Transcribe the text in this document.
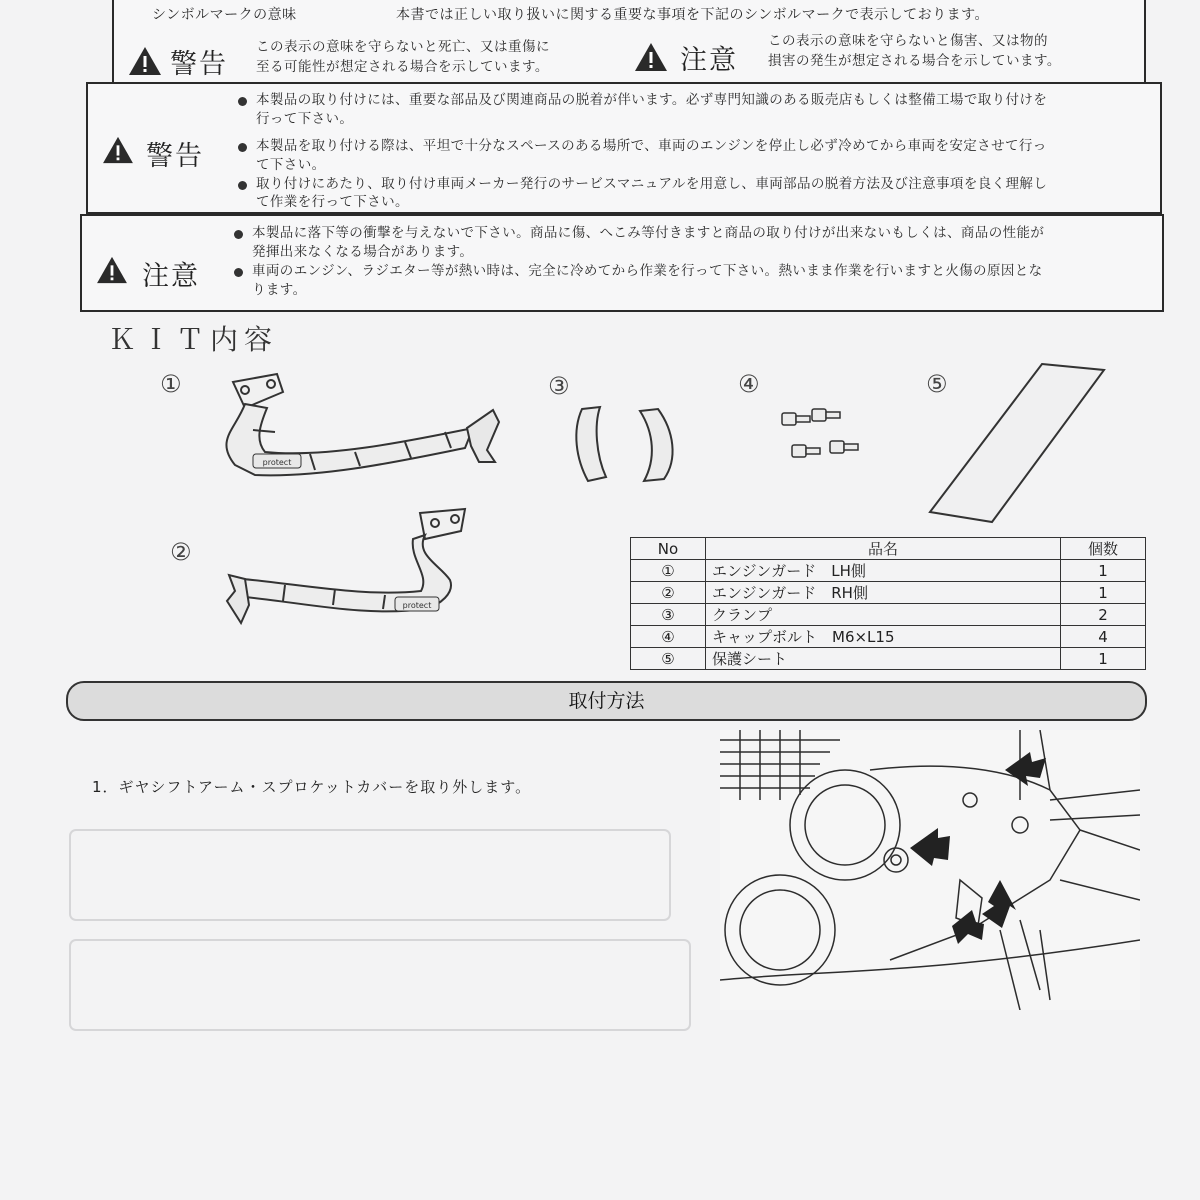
シンボルマークの意味	本書では正しい取り扱いに関する重要な事項を下記のシンボルマークで表示しております。
警告
この表示の意味を守らないと死亡、又は重傷に
至る可能性が想定される場合を示しています。	注意
この表示の意味を守らないと傷害、又は物的
損害の発生が想定される場合を示しています。
警告
本製品の取り付けには、重要な部品及び関連商品の脱着が伴います。必ず専門知識のある販売店もしくは整備工場で取り付けを
行って下さい。
本製品を取り付ける際は、平坦で十分なスペースのある場所で、車両のエンジンを停止し必ず冷めてから車両を安定させて行っ
て下さい。
取り付けにあたり、取り付け車両メーカー発行のサービスマニュアルを用意し、車両部品の脱着方法及び注意事項を良く理解し
て作業を行って下さい。
注意
本製品に落下等の衝撃を与えないで下さい。商品に傷、へこみ等付きますと商品の取り付けが出来ないもしくは、商品の性能が
発揮出来なくなる場合があります。
車両のエンジン、ラジエター等が熱い時は、完全に冷めてから作業を行って下さい。熱いまま作業を行いますと火傷の原因とな
ります。
ＫＩＴ内容
①
②
③	④	⑤
protect
protect
No	品名	個数
①	エンジンガード　LH側	1
②	エンジンガード　RH側	1
③	クランプ	2
④	キャップボルト　M6×L15	4
⑤	保護シート	1
取付方法
1．ギヤシフトアーム・スプロケットカバーを取り外します。
